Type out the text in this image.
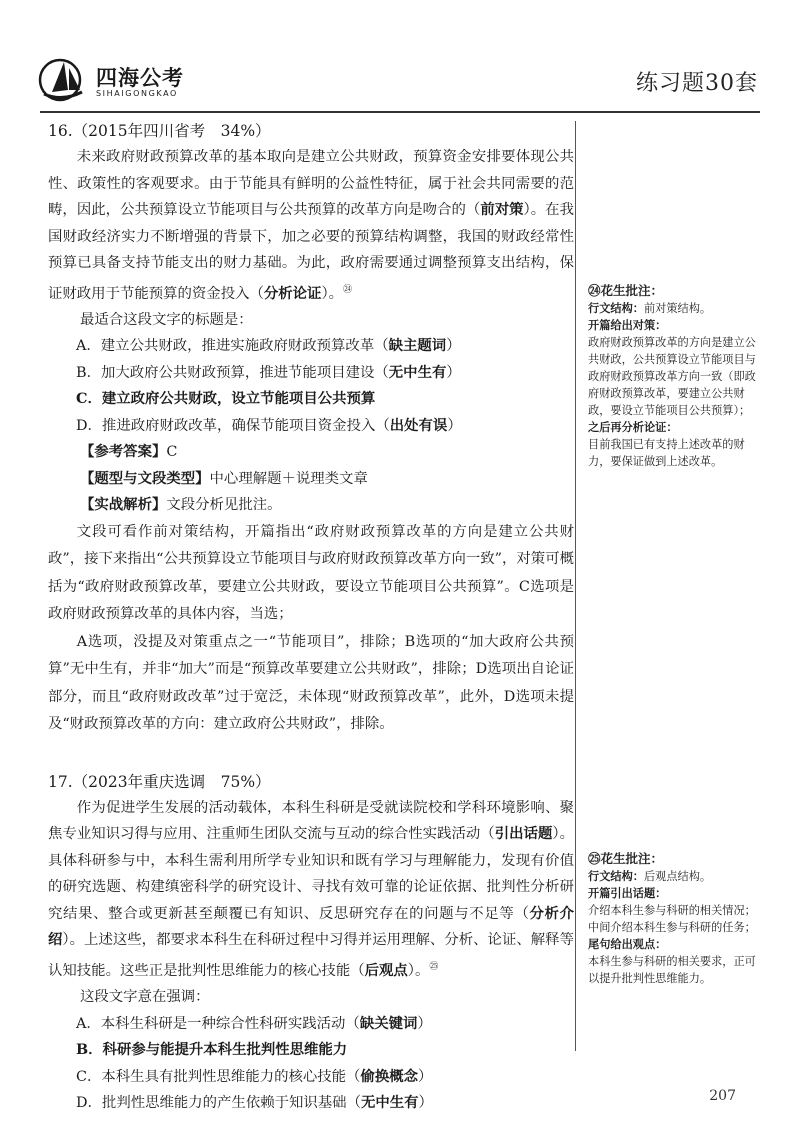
四海公考
SIHAIGONGKAO	练习题30套

16.（2015年四川省考　34%）

未来政府财政预算改革的基本取向是建立公共财政，预算资金安排要体现公共性、政策性的客观要求。由于节能具有鲜明的公益性特征，属于社会共同需要的范畴，因此，公共预算设立节能项目与公共预算的改革方向是吻合的（前对策）。在我国财政经济实力不断增强的背景下，加之必要的预算结构调整，我国的财政经常性预算已具备支持节能支出的财力基础。为此，政府需要通过调整预算支出结构，保证财政用于节能预算的资金投入（分析论证）。$^㉔$

最适合这段文字的标题是：

A．建立公共财政，推进实施政府财政预算改革（缺主题词）

B．加大政府公共财政预算，推进节能项目建设（无中生有）

C．建立政府公共财政，设立节能项目公共预算

D．推进政府财政改革，确保节能项目资金投入（出处有误）

【参考答案】C

【题型与文段类型】中心理解题＋说理类文章

【实战解析】文段分析见批注。

文段可看作前对策结构，开篇指出“政府财政预算改革的方向是建立公共财政”，接下来指出“公共预算设立节能项目与政府财政预算改革方向一致”，对策可概括为“政府财政预算改革，要建立公共财政，要设立节能项目公共预算”。C选项是政府财政预算改革的具体内容，当选；

A选项，没提及对策重点之一“节能项目”，排除；B选项的“加大政府公共预算”无中生有，并非“加大”而是“预算改革要建立公共财政”，排除；D选项出自论证部分，而且“政府财政改革”过于宽泛，未体现“财政预算改革”，此外，D选项未提及“财政预算改革的方向：建立政府公共财政”，排除。

17.（2023年重庆选调　75%）

作为促进学生发展的活动载体，本科生科研是受就读院校和学科环境影响、聚焦专业知识习得与应用、注重师生团队交流与互动的综合性实践活动（引出话题）。具体科研参与中，本科生需利用所学专业知识和既有学习与理解能力，发现有价值的研究选题、构建缜密科学的研究设计、寻找有效可靠的论证依据、批判性分析研究结果、整合或更新甚至颠覆已有知识、反思研究存在的问题与不足等（分析介绍）。上述这些，都要求本科生在科研过程中习得并运用理解、分析、论证、解释等认知技能。这些正是批判性思维能力的核心技能（后观点）。$^㉕$

这段文字意在强调：

A．本科生科研是一种综合性科研实践活动（缺关键词）

B．科研参与能提升本科生批判性思维能力

C．本科生具有批判性思维能力的核心技能（偷换概念）

D．批判性思维能力的产生依赖于知识基础（无中生有）

㉔花生批注：

行文结构：前对策结构。

开篇给出对策：

政府财政预算改革的方向是建立公共财政，公共预算设立节能项目与政府财政预算改革方向一致（即政府财政预算改革，要建立公共财政，要设立节能项目公共预算）；

之后再分析论证：

目前我国已有支持上述改革的财力，要保证做到上述改革。

㉕花生批注：

行文结构：后观点结构。

开篇引出话题：

介绍本科生参与科研的相关情况；

中间介绍本科生参与科研的任务；

尾句给出观点：

本科生参与科研的相关要求，正可以提升批判性思维能力。

207
